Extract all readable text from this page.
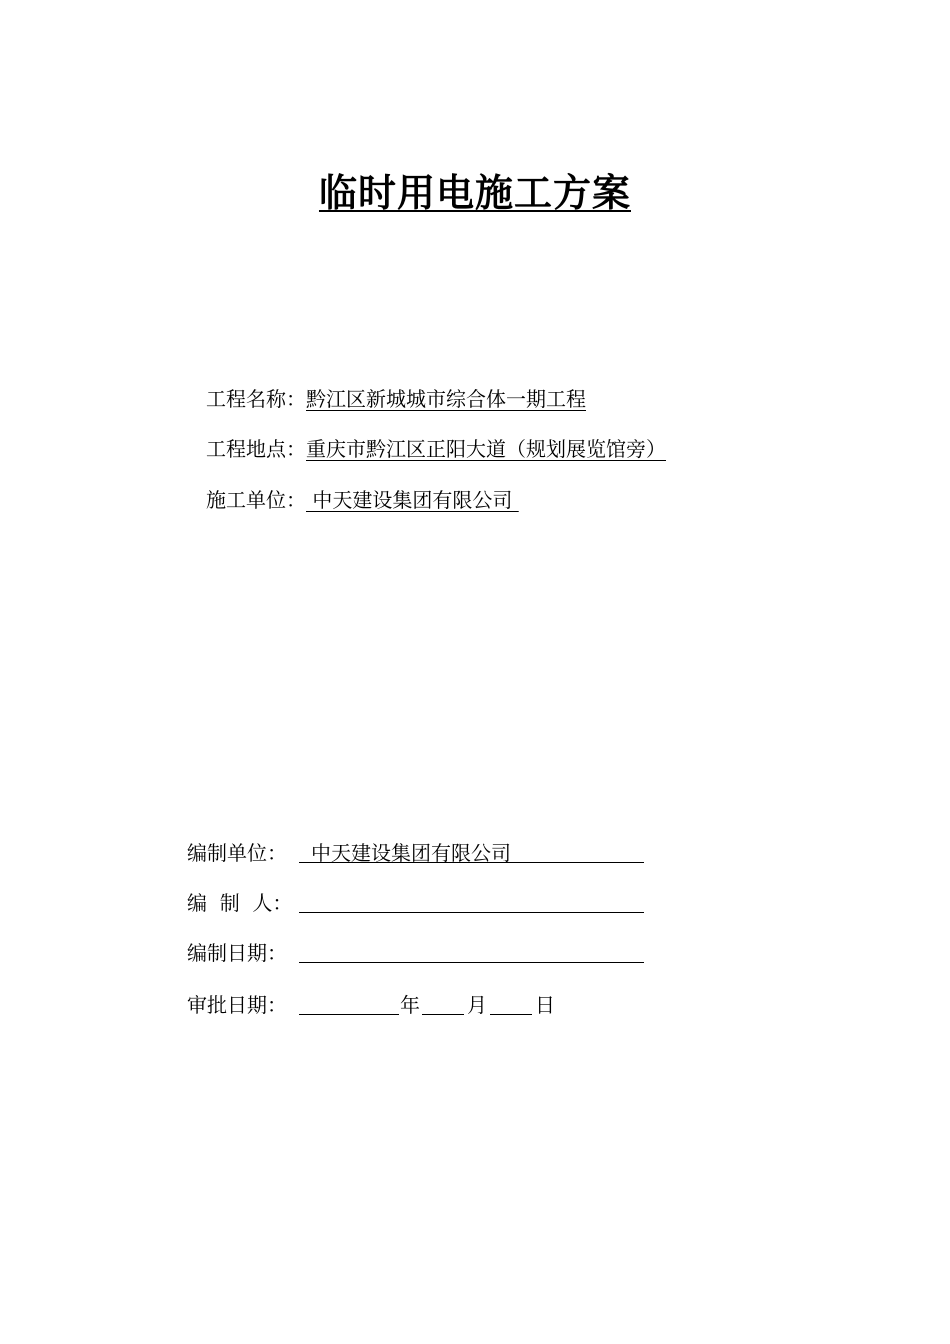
临时用电施工方案
工程名称： 黔江区新城城市综合体一期工程
工程地点： 重庆市黔江区正阳大道（规划展览馆旁）
施工单位： 中天建设集团有限公司
编制单位： 中天建设集团有限公司
编  制  人：
编制日期：
审批日期：	年 月 日
